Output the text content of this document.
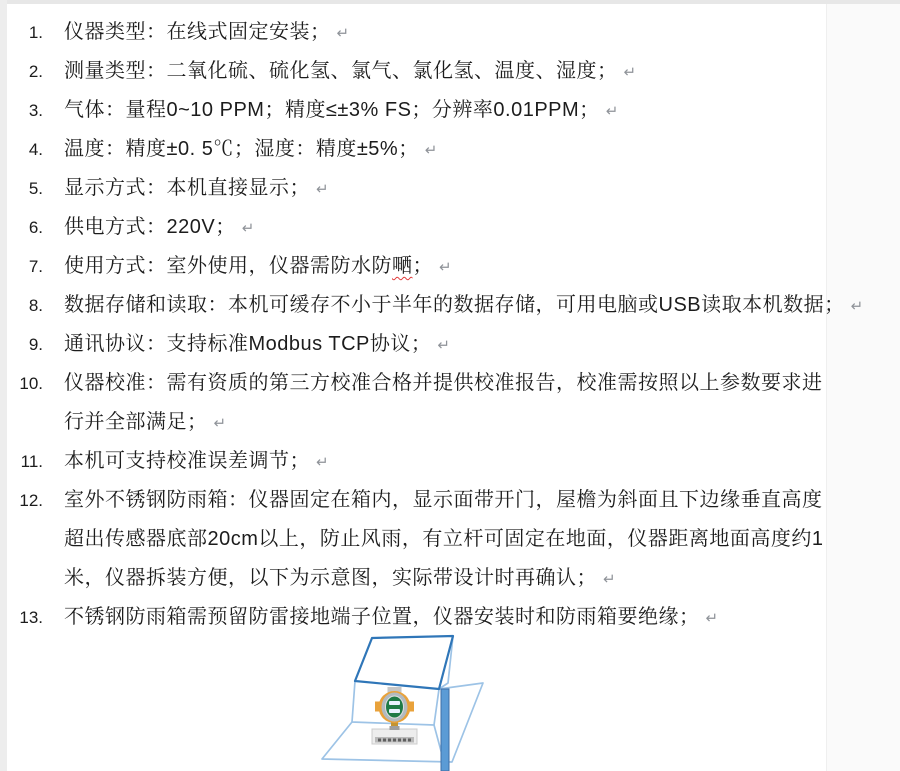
1.	仪器类型：在线式固定安装； ↵
2.	测量类型：二氧化硫、硫化氢、氯气、氯化氢、温度、湿度； ↵
3.	气体：量程0~10 PPM；精度≤±3% FS；分辨率0.01PPM； ↵
4.	温度：精度±0. 5℃；湿度：精度±5%； ↵
5.	显示方式：本机直接显示； ↵
6.	供电方式：220V； ↵
7.	使用方式：室外使用，仪器需防水防嗮； ↵
8.	数据存储和读取：本机可缓存不小于半年的数据存储，可用电脑或USB读取本机数据； ↵
9.	通讯协议：支持标准Modbus TCP协议； ↵
10.	仪器校准：需有资质的第三方校准合格并提供校准报告，校准需按照以上参数要求进
行并全部满足； ↵
11.	本机可支持校准误差调节； ↵
12.	室外不锈钢防雨箱：仪器固定在箱内，显示面带开门，屋檐为斜面且下边缘垂直高度
超出传感器底部20cm以上，防止风雨，有立杆可固定在地面，仪器距离地面高度约1
米，仪器拆装方便，以下为示意图，实际带设计时再确认； ↵
13.	不锈钢防雨箱需预留防雷接地端子位置，仪器安装时和防雨箱要绝缘； ↵
